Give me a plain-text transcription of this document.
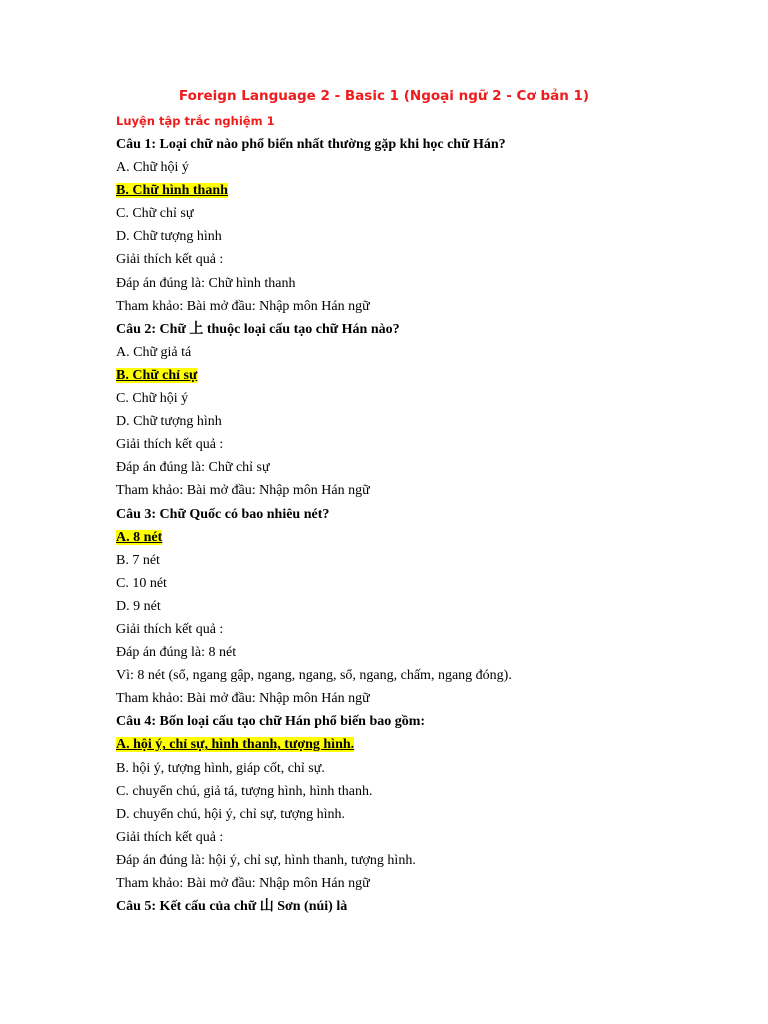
Foreign Language 2 - Basic 1 (Ngoại ngữ 2 - Cơ bản 1)
Luyện tập trắc nghiệm 1
Câu 1: Loại chữ nào phổ biến nhất thường gặp khi học chữ Hán?
A. Chữ hội ý
B. Chữ hình thanh
C. Chữ chỉ sự
D. Chữ tượng hình
Giải thích kết quả :
Đáp án đúng là: Chữ hình thanh
Tham khảo: Bài mở đầu: Nhập môn Hán ngữ
Câu 2: Chữ 上 thuộc loại cấu tạo chữ Hán nào?
A. Chữ giả tá
B. Chữ chỉ sự
C. Chữ hội ý
D. Chữ tượng hình
Giải thích kết quả :
Đáp án đúng là: Chữ chỉ sự
Tham khảo: Bài mở đầu: Nhập môn Hán ngữ
Câu 3: Chữ Quốc có bao nhiêu nét?
A. 8 nét
B. 7 nét
C. 10 nét
D. 9 nét
Giải thích kết quả :
Đáp án đúng là: 8 nét
Vì: 8 nét (sổ, ngang gập, ngang, ngang, sổ, ngang, chấm, ngang đóng).
Tham khảo: Bài mở đầu: Nhập môn Hán ngữ
Câu 4: Bốn loại cấu tạo chữ Hán phổ biến bao gồm:
A. hội ý, chỉ sự, hình thanh, tượng hình.
B. hội ý, tượng hình, giáp cốt, chỉ sự.
C. chuyển chú, giả tá, tượng hình, hình thanh.
D. chuyển chú, hội ý, chỉ sự, tượng hình.
Giải thích kết quả :
Đáp án đúng là: hội ý, chỉ sự, hình thanh, tượng hình.
Tham khảo: Bài mở đầu: Nhập môn Hán ngữ
Câu 5: Kết cấu của chữ 山 Sơn (núi) là
